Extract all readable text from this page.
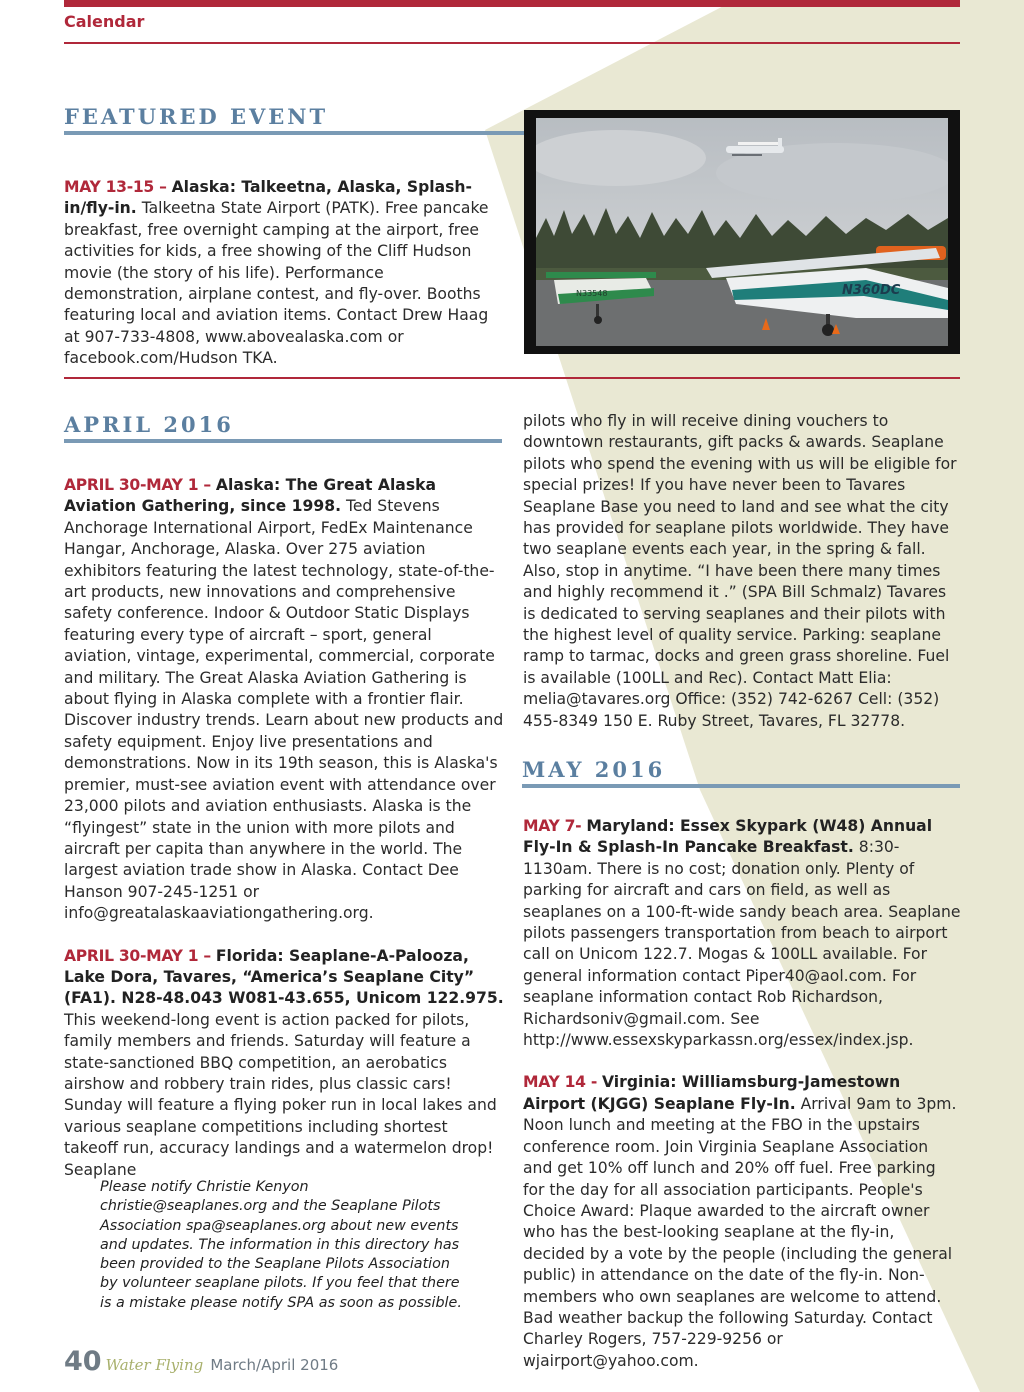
Calendar
FEATURED EVENT

MAY 13-15 – Alaska: Talkeetna, Alaska, Splash-in/fly-in. Talkeetna State Airport (PATK). Free pancake breakfast, free overnight camping at the airport, free activities for kids, a free showing of the Cliff Hudson movie (the story of his life). Performance demonstration, airplane contest, and fly-over. Booths featuring local and aviation items. Contact Drew Haag at 907-733-4808, www.abovealaska.com or facebook.com/Hudson TKA.

N33548	N360DC
APRIL 2016

APRIL 30-MAY 1 – Alaska: The Great Alaska Aviation Gathering, since 1998. Ted Stevens Anchorage International Airport, FedEx Maintenance Hangar, Anchorage, Alaska. Over 275 aviation exhibitors featuring the latest technology, state-of-the-art products, new innovations and comprehensive safety conference. Indoor & Outdoor Static Displays featuring every type of aircraft – sport, general aviation, vintage, experimental, commercial, corporate and military. The Great Alaska Aviation Gathering is about flying in Alaska complete with a frontier flair. Discover industry trends. Learn about new products and safety equipment. Enjoy live presentations and demonstrations. Now in its 19th season, this is Alaska's premier, must-see aviation event with attendance over 23,000 pilots and aviation enthusiasts. Alaska is the “flyingest” state in the union with more pilots and aircraft per capita than anywhere in the world. The largest aviation trade show in Alaska. Contact Dee Hanson 907-245-1251 or info@greatalaskaaviationgathering.org.

APRIL 30-MAY 1 – Florida: Seaplane-A-Palooza, Lake Dora, Tavares, “America’s Seaplane City” (FA1). N28-48.043 W081-43.655, Unicom 122.975. This weekend-long event is action packed for pilots, family members and friends. Saturday will feature a state-sanctioned BBQ competition, an aerobatics airshow and robbery train rides, plus classic cars! Sunday will feature a flying poker run in local lakes and various seaplane competitions including shortest takeoff run, accuracy landings and a watermelon drop! Seaplane

Please notify Christie Kenyon christie@seaplanes.org and the Seaplane Pilots Association spa@seaplanes.org about new events and updates. The information in this directory has been provided to the Seaplane Pilots Association by volunteer seaplane pilots. If you feel that there is a mistake please notify SPA as soon as possible.

pilots who fly in will receive dining vouchers to downtown restaurants, gift packs & awards. Seaplane pilots who spend the evening with us will be eligible for special prizes! If you have never been to Tavares Seaplane Base you need to land and see what the city has provided for seaplane pilots worldwide. They have two seaplane events each year, in the spring & fall. Also, stop in anytime. “I have been there many times and highly recommend it .” (SPA Bill Schmalz) Tavares is dedicated to serving seaplanes and their pilots with the highest level of quality service. Parking: seaplane ramp to tarmac, docks and green grass shoreline. Fuel is available (100LL and Rec). Contact Matt Elia: melia@tavares.org Office: (352) 742-6267 Cell: (352) 455-8349 150 E. Ruby Street, Tavares, FL 32778.

MAY 2016

MAY 7- Maryland: Essex Skypark (W48) Annual Fly-In & Splash-In Pancake Breakfast. 8:30-1130am. There is no cost; donation only. Plenty of parking for aircraft and cars on field, as well as seaplanes on a 100-ft-wide sandy beach area. Seaplane pilots passengers transportation from beach to airport call on Unicom 122.7. Mogas & 100LL available. For general information contact Piper40@aol.com. For seaplane information contact Rob Richardson, Richardsoniv@gmail.com. See http://www.essexskyparkassn.org/essex/index.jsp.

MAY 14 - Virginia: Williamsburg-Jamestown Airport (KJGG) Seaplane Fly-In. Arrival 9am to 3pm. Noon lunch and meeting at the FBO in the upstairs conference room. Join Virginia Seaplane Association and get 10% off lunch and 20% off fuel. Free parking for the day for all association participants. People's Choice Award: Plaque awarded to the aircraft owner who has the best-looking seaplane at the fly-in, decided by a vote by the people (including the general public) in attendance on the date of the fly-in. Non-members who own seaplanes are welcome to attend. Bad weather backup the following Saturday. Contact Charley Rogers, 757-229-9256 or wjairport@yahoo.com.

40 Water Flying March/April 2016
